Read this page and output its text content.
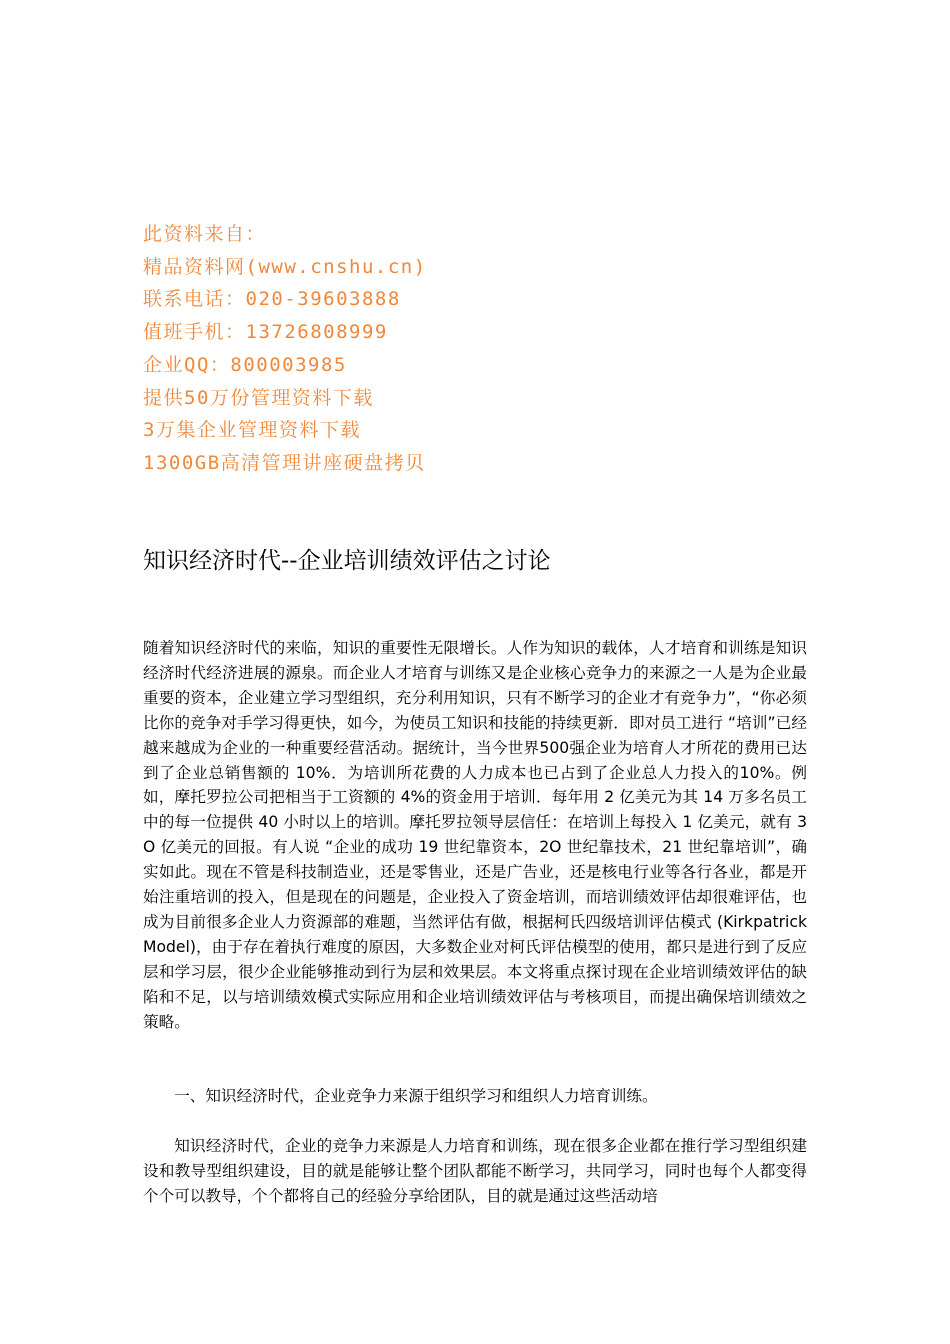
此资料来自：
精品资料网(www.cnshu.cn)
联系电话：020-39603888
值班手机：13726808999
企业QQ：800003985
提供50万份管理资料下载
3万集企业管理资料下载
1300GB高清管理讲座硬盘拷贝
知识经济时代--企业培训绩效评估之讨论

随着知识经济时代的来临，知识的重要性无限增长。人作为知识的载体，人才培育和训练是知识经济时代经济进展的源泉。而企业人才培育与训练又是企业核心竞争力的来源之一人是为企业最重要的资本，企业建立学习型组织，充分利用知识，只有不断学习的企业才有竞争力”，“你必须比你的竞争对手学习得更快，如今，为使员工知识和技能的持续更新．即对员工进行 “培训”已经越来越成为企业的一种重要经营活动。据统计，当今世界500强企业为培育人才所花的费用已达到了企业总销售额的 10%．为培训所花费的人力成本也已占到了企业总人力投入的10%。例如，摩托罗拉公司把相当于工资额的 4%的资金用于培训．每年用 2 亿美元为其 14 万多名员工中的每一位提供 40 小时以上的培训。摩托罗拉领导层信任：在培训上每投入 1 亿美元，就有 3O 亿美元的回报。有人说 “企业的成功 19 世纪靠资本，2O 世纪靠技术，21 世纪靠培训”，确实如此。现在不管是科技制造业，还是零售业，还是广告业，还是核电行业等各行各业，都是开始注重培训的投入，但是现在的问题是，企业投入了资金培训，而培训绩效评估却很难评估，也成为目前很多企业人力资源部的难题，当然评估有做，根据柯氏四级培训评估模式 (Kirkpatrick Model)，由于存在着执行难度的原因，大多数企业对柯氏评估模型的使用，都只是进行到了反应层和学习层，很少企业能够推动到行为层和效果层。本文将重点探讨现在企业培训绩效评估的缺陷和不足，以与培训绩效模式实际应用和企业培训绩效评估与考核项目，而提出确保培训绩效之策略。

一、知识经济时代，企业竞争力来源于组织学习和组织人力培育训练。

知识经济时代，企业的竞争力来源是人力培育和训练，现在很多企业都在推行学习型组织建设和教导型组织建设，目的就是能够让整个团队都能不断学习，共同学习，同时也每个人都变得个个可以教导，个个都将自己的经验分享给团队，目的就是通过这些活动培
